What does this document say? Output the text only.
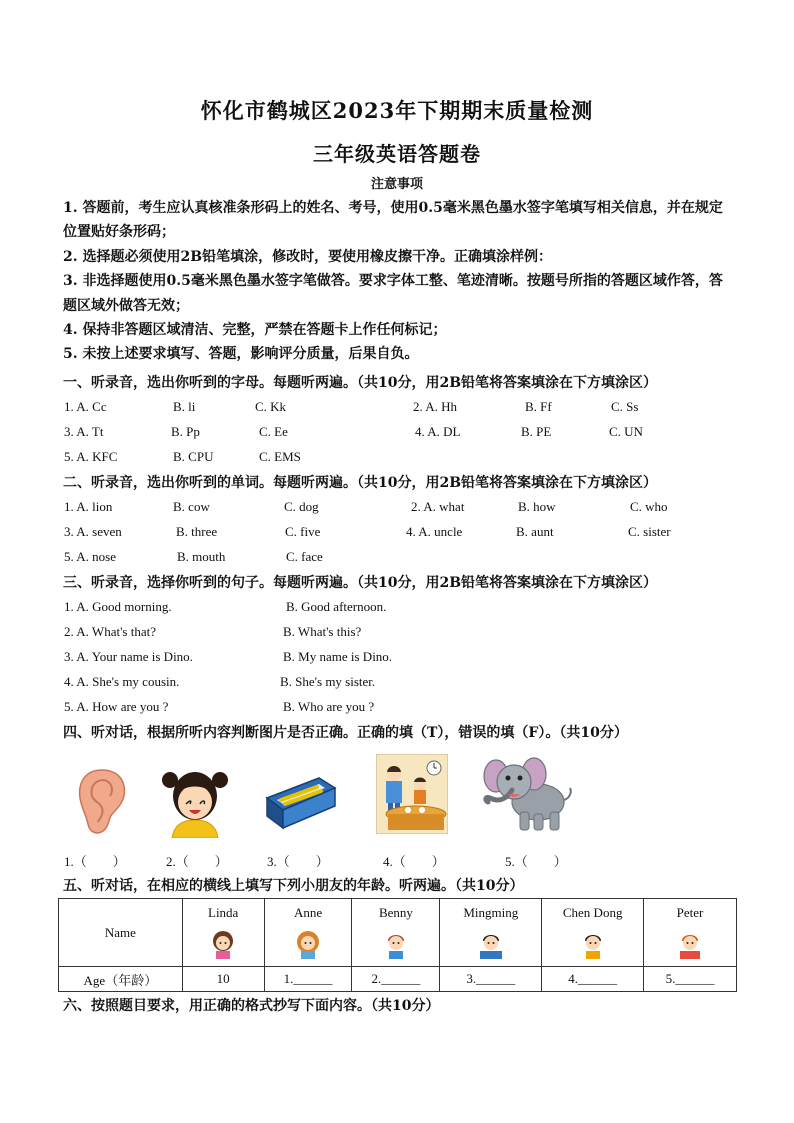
怀化市鹤城区2023年下期期末质量检测
三年级英语答题卷
注意事项

1. 答题前，考生应认真核准条形码上的姓名、考号，使用0.5毫米黑色墨水签字笔填写相关信息，并在规定位置贴好条形码；

2. 选择题必须使用2B铅笔填涂，修改时，要使用橡皮擦干净。正确填涂样例：

3. 非选择题使用0.5毫米黑色墨水签字笔做答。要求字体工整、笔迹清晰。按题号所指的答题区域作答，答题区域外做答无效；

4. 保持非答题区域清洁、完整，严禁在答题卡上作任何标记；

5. 未按上述要求填写、答题，影响评分质量，后果自负。

一、听录音，选出你听到的字母。每题听两遍。（共10分，用2B铅笔将答案填涂在下方填涂区）
1. A. Cc	B. li	C. Kk	2. A. Hh	B. Ff	C. Ss
3. A. Tt	B. Pp	C. Ee	4. A. DL	B. PE	C. UN
5. A. KFC	B. CPU	C. EMS
二、听录音，选出你听到的单词。每题听两遍。（共10分，用2B铅笔将答案填涂在下方填涂区）
1. A. lion	B. cow	C. dog	2. A. what	B. how	C. who
3. A. seven	B. three	C. five	4. A. uncle	B. aunt	C. sister
5. A. nose	B. mouth	C. face
三、听录音，选择你听到的句子。每题听两遍。（共10分，用2B铅笔将答案填涂在下方填涂区）
1. A. Good morning.	B. Good afternoon.
2. A. What's that?	B. What's this?
3. A. Your name is Dino.	B. My name is Dino.
4. A. She's my cousin.	B. She's my sister.
5. A. How are you ?	B. Who are you ?
四、听对话，根据所听内容判断图片是否正确。正确的填（T），错误的填（F）。（共10分）
1.（　　）	2.（　　）	3.（　　）	4.（　　）	5.（　　）
五、听对话，在相应的横线上填写下列小朋友的年龄。听两遍。（共10分）
Name	Linda	Anne	Benny	Mingming	Chen Dong	Peter

Age（年龄）	10	1.______	2.______	3.______	4.______	5.______
六、按照题目要求，用正确的格式抄写下面内容。（共10分）
